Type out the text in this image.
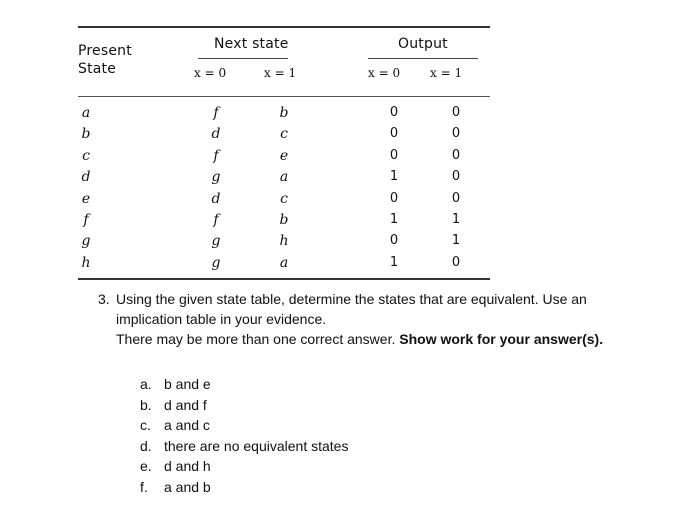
Present
State
Next state	Output
x = 0	x = 1	x = 0 x = 1
a	f	b	0	0
b	d	c	0	0
c	f	e	0	0
d	g	a	1	0
e	d	c	0	0
f	f	b	1	1
g	g	h	0	1
h	g	a	1	0
3. Using the given state table, determine the states that are equivalent. Use an
implication table in your evidence.
There may be more than one correct answer. Show work for your answer(s).
a. b and e
b. d and f
c. a and c
d. there are no equivalent states
e. d and h
f. a and b
